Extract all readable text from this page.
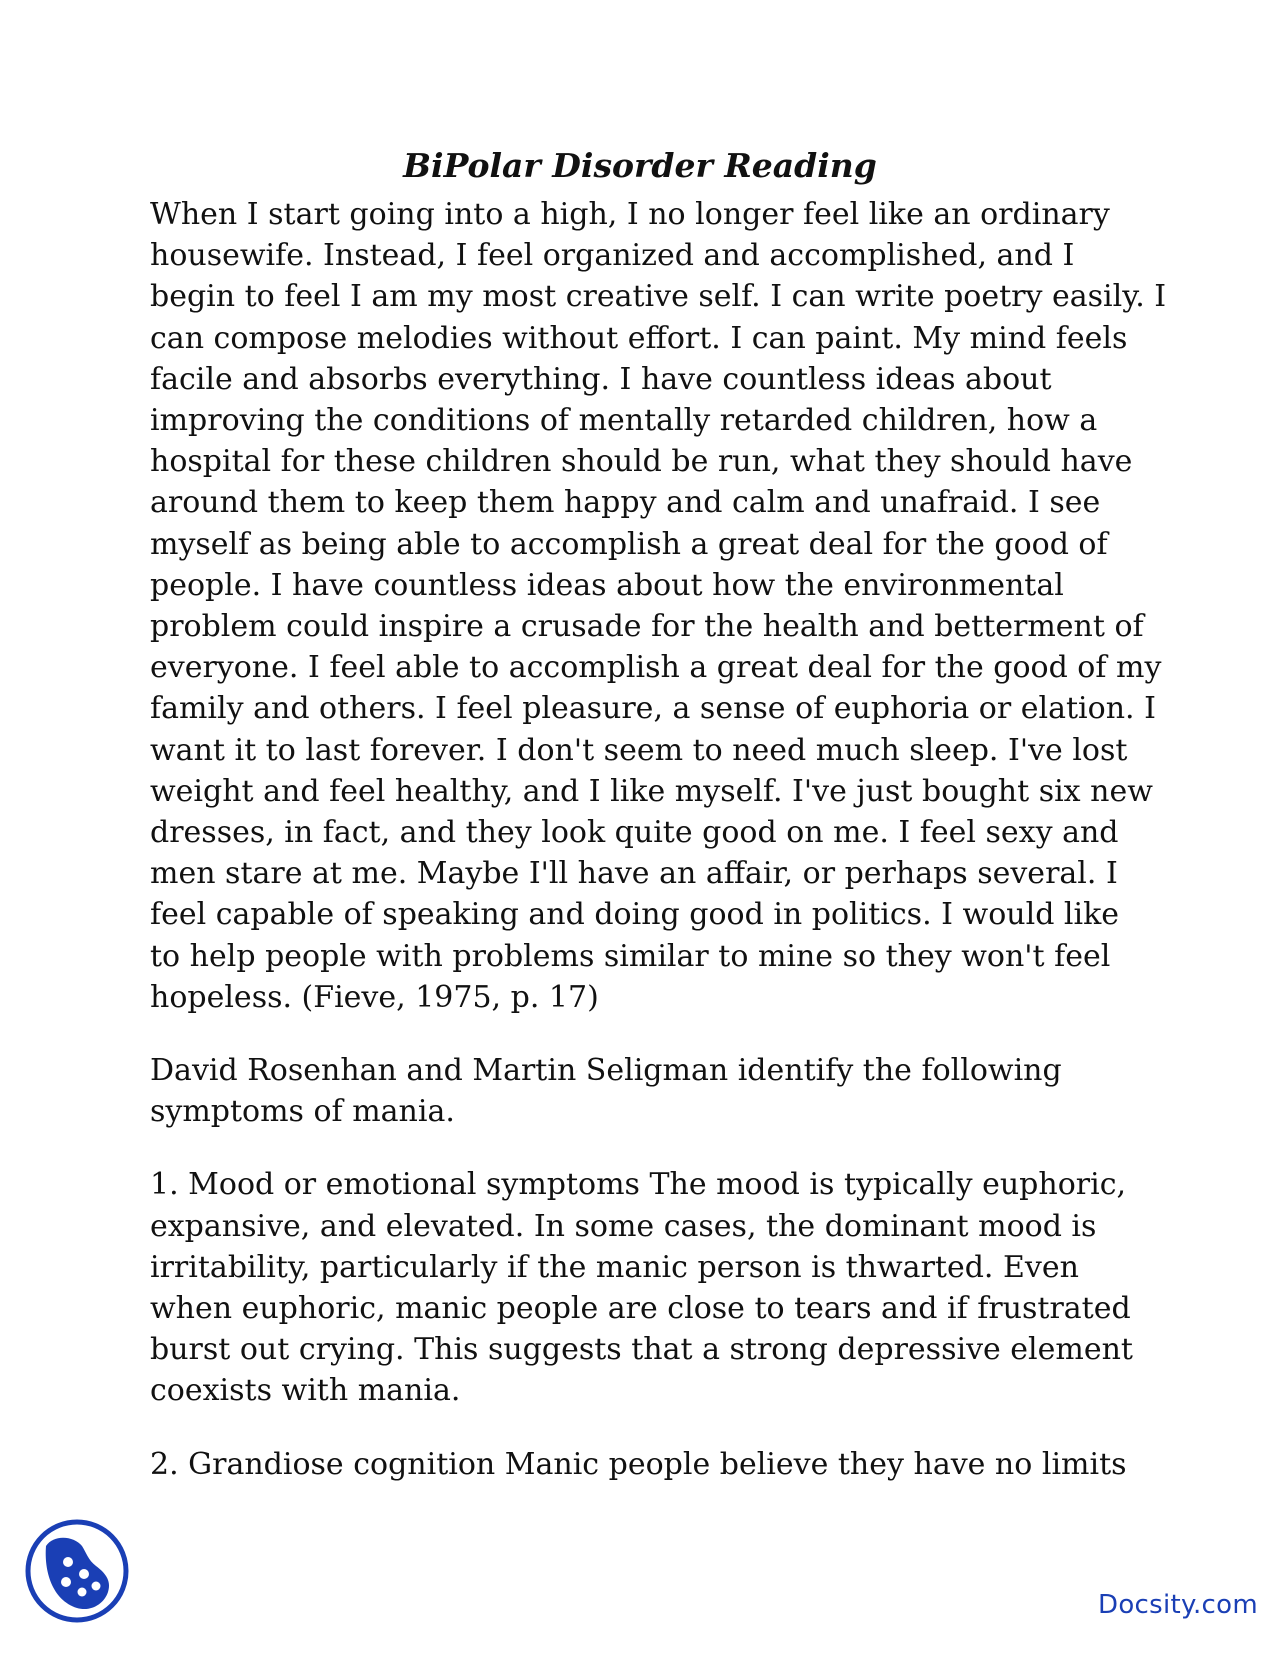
BiPolar Disorder Reading

When I start going into a high, I no longer feel like an ordinary
housewife. Instead, I feel organized and accomplished, and I
begin to feel I am my most creative self. I can write poetry easily. I
can compose melodies without effort. I can paint. My mind feels
facile and absorbs everything. I have countless ideas about
improving the conditions of mentally retarded children, how a
hospital for these children should be run, what they should have
around them to keep them happy and calm and unafraid. I see
myself as being able to accomplish a great deal for the good of
people. I have countless ideas about how the environmental
problem could inspire a crusade for the health and betterment of
everyone. I feel able to accomplish a great deal for the good of my
family and others. I feel pleasure, a sense of euphoria or elation. I
want it to last forever. I don't seem to need much sleep. I've lost
weight and feel healthy, and I like myself. I've just bought six new
dresses, in fact, and they look quite good on me. I feel sexy and
men stare at me. Maybe I'll have an affair, or perhaps several. I
feel capable of speaking and doing good in politics. I would like
to help people with problems similar to mine so they won't feel
hopeless. (Fieve, 1975, p. 17)

David Rosenhan and Martin Seligman identify the following
symptoms of mania.

1. Mood or emotional symptoms The mood is typically euphoric,
expansive, and elevated. In some cases, the dominant mood is
irritability, particularly if the manic person is thwarted. Even
when euphoric, manic people are close to tears and if frustrated
burst out crying. This suggests that a strong depressive element
coexists with mania.

2. Grandiose cognition Manic people believe they have no limits

Docsity.com
